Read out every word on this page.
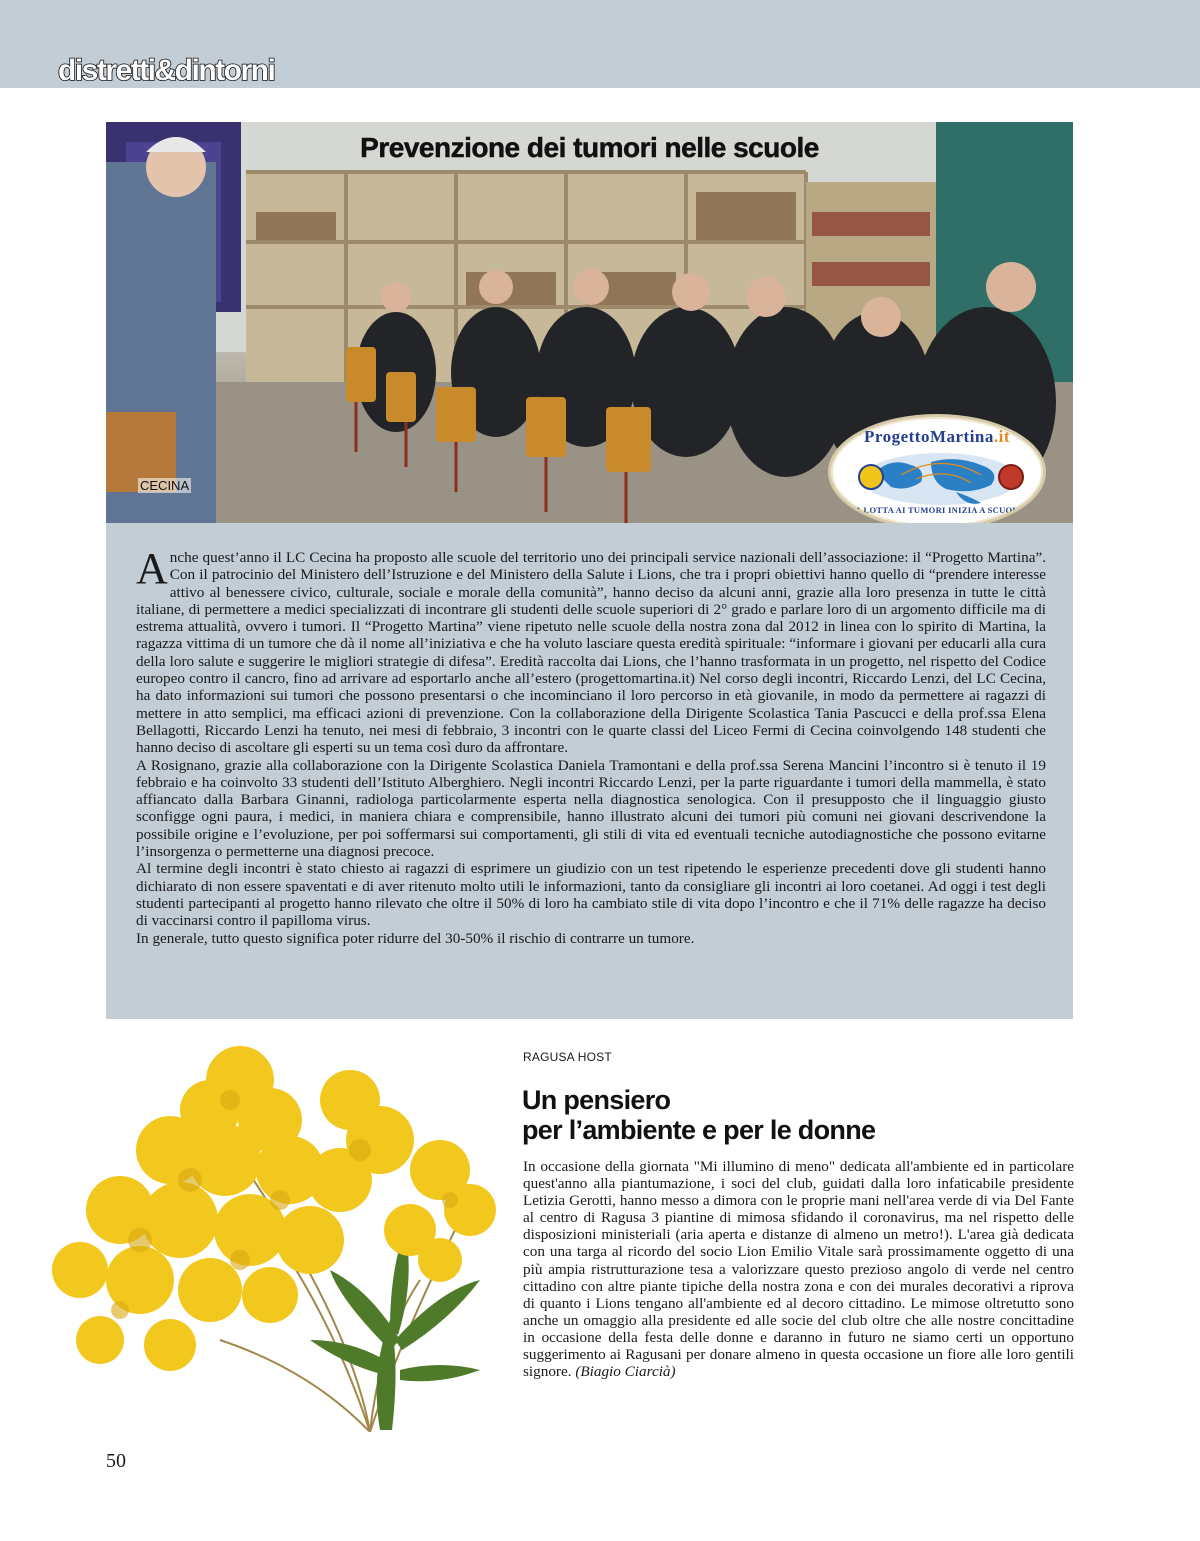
distretti&dintorni
Prevenzione dei tumori nelle scuole
CECINA
ProgettoMartina.it
LA LOTTA AI TUMORI INIZIA A SCUOLA

Anche quest’anno il LC Cecina ha proposto alle scuole del territorio uno dei principali service nazionali dell’associazione: il “Progetto Martina”. Con il patrocinio del Ministero dell’Istruzione e del Ministero della Salute i Lions, che tra i propri obiettivi hanno quello di “prendere interesse attivo al benessere civico, culturale, sociale e morale della comunità”, hanno deciso da alcuni anni, grazie alla loro presenza in tutte le città italiane, di permettere a medici specializzati di incontrare gli studenti delle scuole superiori di 2° grado e parlare loro di un argomento difficile ma di estrema attualità, ovvero i tumori. Il “Progetto Martina” viene ripetuto nelle scuole della nostra zona dal 2012 in linea con lo spirito di Martina, la ragazza vittima di un tumore che dà il nome all’iniziativa e che ha voluto lasciare questa eredità spirituale: “informare i giovani per educarli alla cura della loro salute e suggerire le migliori strategie di difesa”. Eredità raccolta dai Lions, che l’hanno trasformata in un progetto, nel rispetto del Codice europeo contro il cancro, fino ad arrivare ad esportarlo anche all’estero (progettomartina.it) Nel corso degli incontri, Riccardo Lenzi, del LC Cecina, ha dato informazioni sui tumori che possono presentarsi o che incominciano il loro percorso in età giovanile, in modo da permettere ai ragazzi di mettere in atto semplici, ma efficaci azioni di prevenzione. Con la collaborazione della Dirigente Scolastica Tania Pascucci e della prof.ssa Elena Bellagotti, Riccardo Lenzi ha tenuto, nei mesi di febbraio, 3 incontri con le quarte classi del Liceo Fermi di Cecina coinvolgendo 148 studenti che hanno deciso di ascoltare gli esperti su un tema così duro da affrontare.

A Rosignano, grazie alla collaborazione con la Dirigente Scolastica Daniela Tramontani e della prof.ssa Serena Mancini l’incontro si è tenuto il 19 febbraio e ha coinvolto 33 studenti dell’Istituto Alberghiero. Negli incontri Riccardo Lenzi, per la parte riguardante i tumori della mammella, è stato affiancato dalla Barbara Ginanni, radiologa particolarmente esperta nella diagnostica senologica. Con il presupposto che il linguaggio giusto sconfigge ogni paura, i medici, in maniera chiara e comprensibile, hanno illustrato alcuni dei tumori più comuni nei giovani descrivendone la possibile origine e l’evoluzione, per poi soffermarsi sui comportamenti, gli stili di vita ed eventuali tecniche autodiagnostiche che possono evitarne l’insorgenza o permetterne una diagnosi precoce.

Al termine degli incontri è stato chiesto ai ragazzi di esprimere un giudizio con un test ripetendo le esperienze precedenti dove gli studenti hanno dichiarato di non essere spaventati e di aver ritenuto molto utili le informazioni, tanto da consigliare gli incontri ai loro coetanei. Ad oggi i test degli studenti partecipanti al progetto hanno rilevato che oltre il 50% di loro ha cambiato stile di vita dopo l’incontro e che il 71% delle ragazze ha deciso di vaccinarsi contro il papilloma virus.

In generale, tutto questo significa poter ridurre del 30-50% il rischio di contrarre un tumore.

RAGUSA HOST
Un pensiero
per l’ambiente e per le donne
In occasione della giornata "Mi illumino di meno" dedicata all'ambiente ed in particolare quest'anno alla piantumazione, i soci del club, guidati dalla loro infaticabile presidente Letizia Gerotti, hanno messo a dimora con le proprie mani nell'area verde di via Del Fante al centro di Ragusa 3 piantine di mimosa sfidando il coronavirus, ma nel rispetto delle disposizioni ministeriali (aria aperta e distanze di almeno un metro!). L'area già dedicata con una targa al ricordo del socio Lion Emilio Vitale sarà prossimamente oggetto di una più ampia ristrutturazione tesa a valorizzare questo prezioso angolo di verde nel centro cittadino con altre piante tipiche della nostra zona e con dei murales decorativi a riprova di quanto i Lions tengano all'ambiente ed al decoro cittadino. Le mimose oltretutto sono anche un omaggio alla presidente ed alle socie del club oltre che alle nostre concittadine in occasione della festa delle donne e daranno in futuro ne siamo certi un opportuno suggerimento ai Ragusani per donare almeno in questa occasione un fiore alle loro gentili signore. (Biagio Ciarcià)
50
